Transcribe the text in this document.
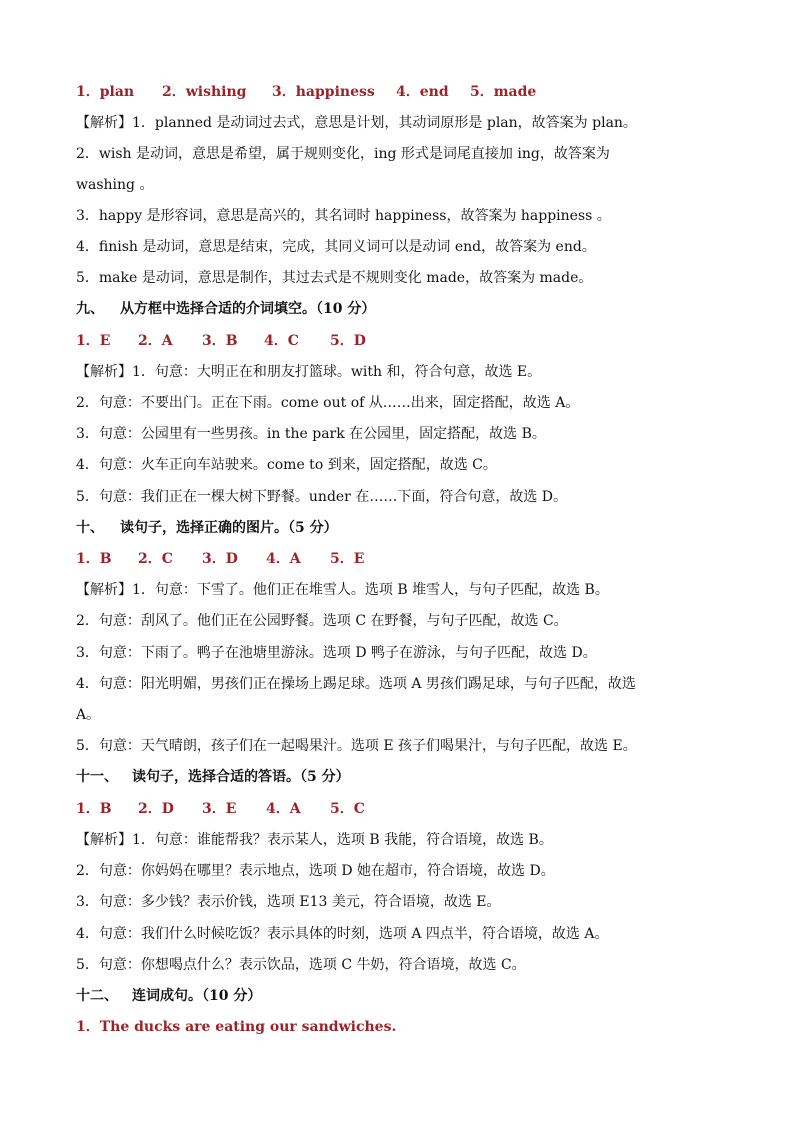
1．plan 2．wishing 3．happiness 4．end 5．made
【解析】1．planned 是动词过去式，意思是计划，其动词原形是 plan，故答案为 plan。
2．wish 是动词，意思是希望，属于规则变化，ing 形式是词尾直接加 ing，故答案为
washing 。
3．happy 是形容词，意思是高兴的，其名词时 happiness，故答案为 happiness 。
4．finish 是动词，意思是结束，完成，其同义词可以是动词 end，故答案为 end。
5．make 是动词，意思是制作，其过去式是不规则变化 made，故答案为 made。
九、 从方框中选择合适的介词填空。（10 分）
1．E 2．A 3．B 4．C 5．D
【解析】1．句意：大明正在和朋友打篮球。with 和，符合句意，故选 E。
2．句意：不要出门。正在下雨。come out of 从……出来，固定搭配，故选 A。
3．句意：公园里有一些男孩。in the park 在公园里，固定搭配，故选 B。
4．句意：火车正向车站驶来。come to 到来，固定搭配，故选 C。
5．句意：我们正在一棵大树下野餐。under 在……下面，符合句意，故选 D。
十、 读句子，选择正确的图片。（5 分）
1．B 2．C 3．D 4．A 5．E
【解析】1．句意：下雪了。他们正在堆雪人。选项 B 堆雪人，与句子匹配，故选 B。
2．句意：刮风了。他们正在公园野餐。选项 C 在野餐，与句子匹配，故选 C。
3．句意：下雨了。鸭子在池塘里游泳。选项 D 鸭子在游泳，与句子匹配，故选 D。
4．句意：阳光明媚，男孩们正在操场上踢足球。选项 A 男孩们踢足球，与句子匹配，故选
A。
5．句意：天气晴朗，孩子们在一起喝果汁。选项 E 孩子们喝果汁，与句子匹配，故选 E。
十一、 读句子，选择合适的答语。（5 分）
1．B 2．D 3．E 4．A 5．C
【解析】1．句意：谁能帮我？表示某人，选项 B 我能，符合语境，故选 B。
2．句意：你妈妈在哪里？表示地点，选项 D 她在超市，符合语境，故选 D。
3．句意：多少钱？表示价钱，选项 E13 美元，符合语境，故选 E。
4．句意：我们什么时候吃饭？表示具体的时刻，选项 A 四点半，符合语境，故选 A。
5．句意：你想喝点什么？表示饮品，选项 C 牛奶，符合语境，故选 C。
十二、 连词成句。（10 分）
1．The ducks are eating our sandwiches.
